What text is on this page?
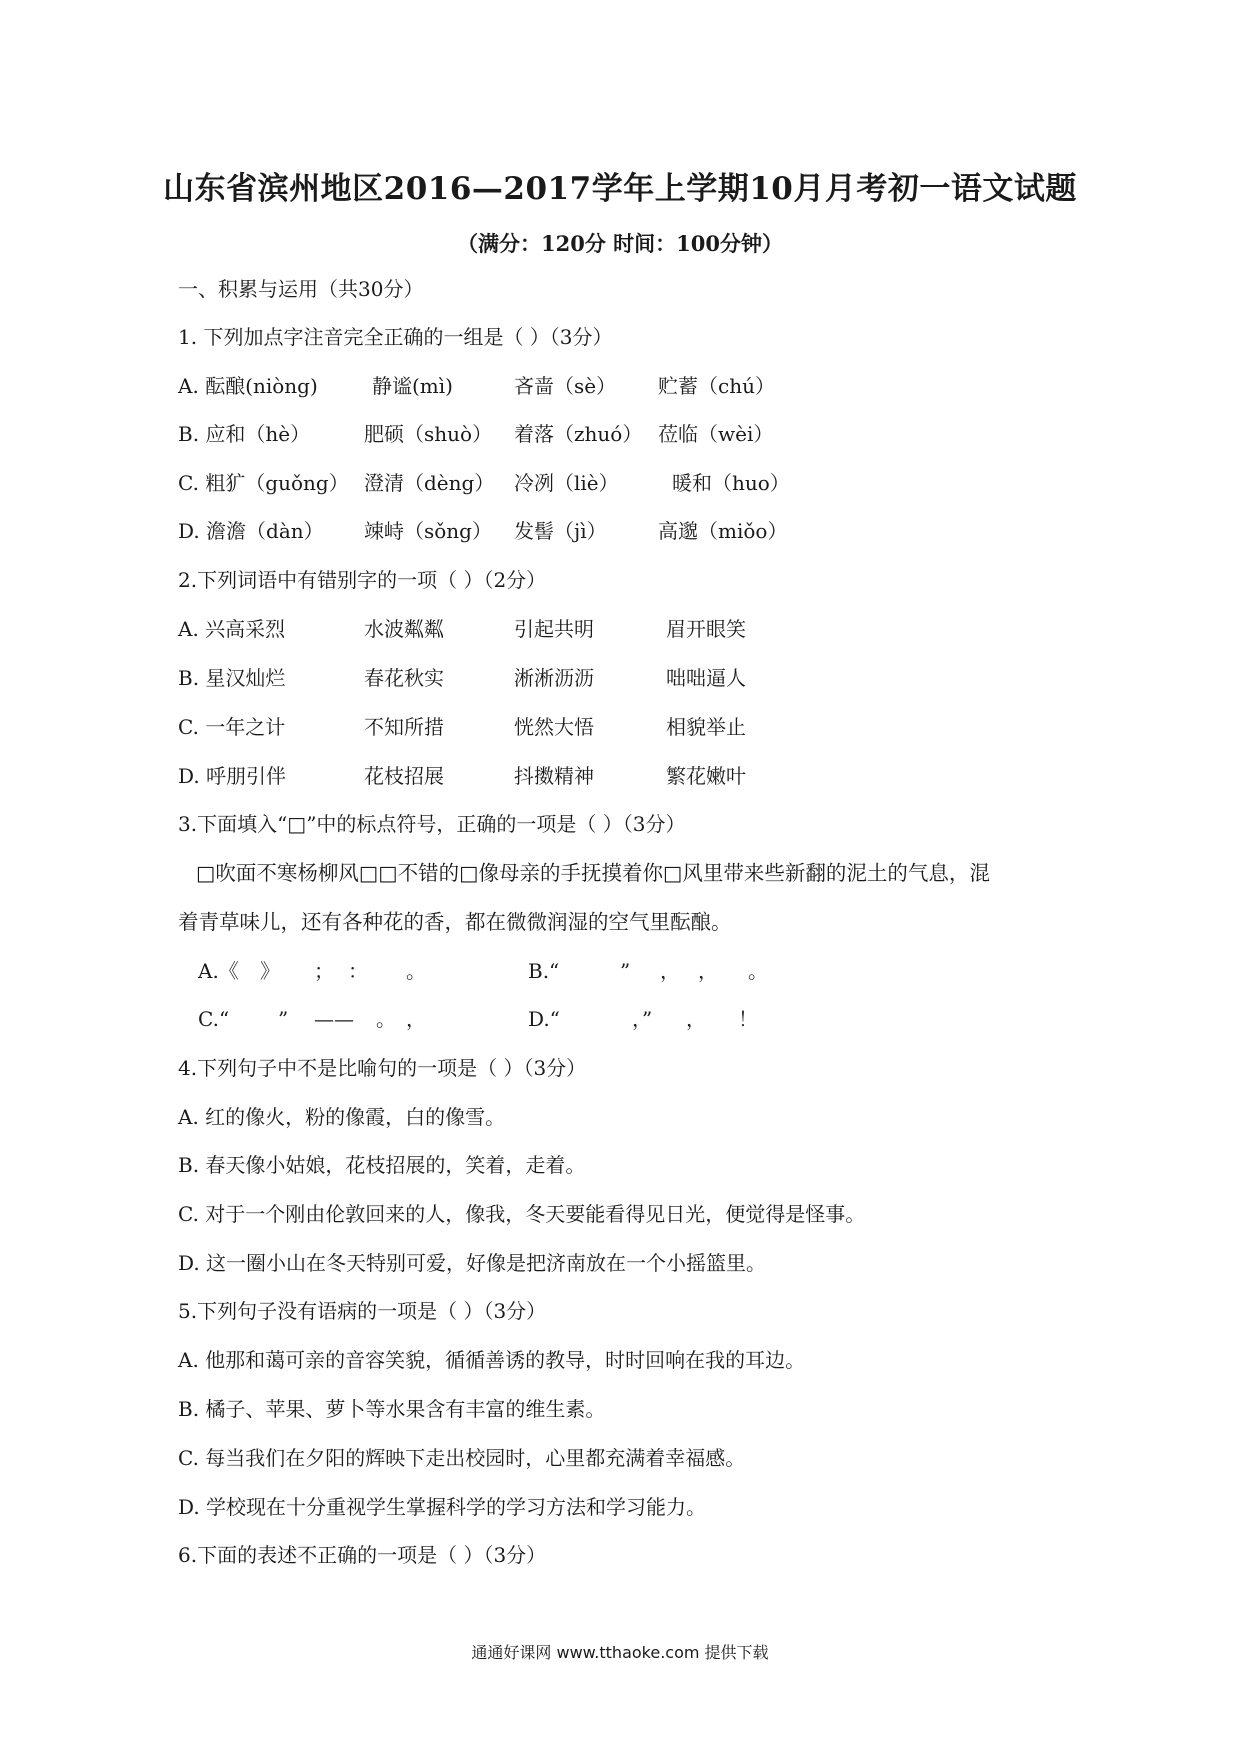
山东省滨州地区2016—2017学年上学期10月月考初一语文试题
（满分：120分 时间：100分钟）
一、积累与运用（共30分）
1. 下列加点字注音完全正确的一组是（ ）（3分）
A. 酝酿(niòng)	静谧(mì)	吝啬（sè） 贮蓄（chú）
B. 应和（hè）	肥硕（shuò） 着落（zhuó） 莅临（wèi）
C. 粗犷（guǒng） 澄清（dèng） 冷冽（liè）	暖和（huo）
D. 澹澹（dàn） 竦峙（sǒng） 发髻（jì）	高邈（miǒo）
2.下列词语中有错别字的一项（ ）（2分）
A. 兴高采烈	水波粼粼	引起共明	眉开眼笑
B. 星汉灿烂	春花秋实	淅淅沥沥	咄咄逼人
C. 一年之计	不知所措	恍然大悟	相貌举止
D. 呼朋引伴	花枝招展	抖擞精神	繁花嫩叶
3.下面填入“□”中的标点符号，正确的一项是（ ）（3分）
□吹面不寒杨柳风□□不错的□像母亲的手抚摸着你□风里带来些新翻的泥土的气息，混
着青草味儿，还有各种花的香，都在微微润湿的空气里酝酿。
A.《 》 ； ： 。	B.“	” ， ， 。
C.“ ” —— 。 ，	D.“	，” ， ！
4.下列句子中不是比喻句的一项是（ ）（3分）
A. 红的像火，粉的像霞，白的像雪。
B. 春天像小姑娘，花枝招展的，笑着，走着。
C. 对于一个刚由伦敦回来的人，像我，冬天要能看得见日光，便觉得是怪事。
D. 这一圈小山在冬天特别可爱，好像是把济南放在一个小摇篮里。
5.下列句子没有语病的一项是（ ）（3分）
A. 他那和蔼可亲的音容笑貌，循循善诱的教导，时时回响在我的耳边。
B. 橘子、苹果、萝卜等水果含有丰富的维生素。
C. 每当我们在夕阳的辉映下走出校园时，心里都充满着幸福感。
D. 学校现在十分重视学生掌握科学的学习方法和学习能力。
6.下面的表述不正确的一项是（ ）（3分）
通通好课网 www.tthaoke.com 提供下载
